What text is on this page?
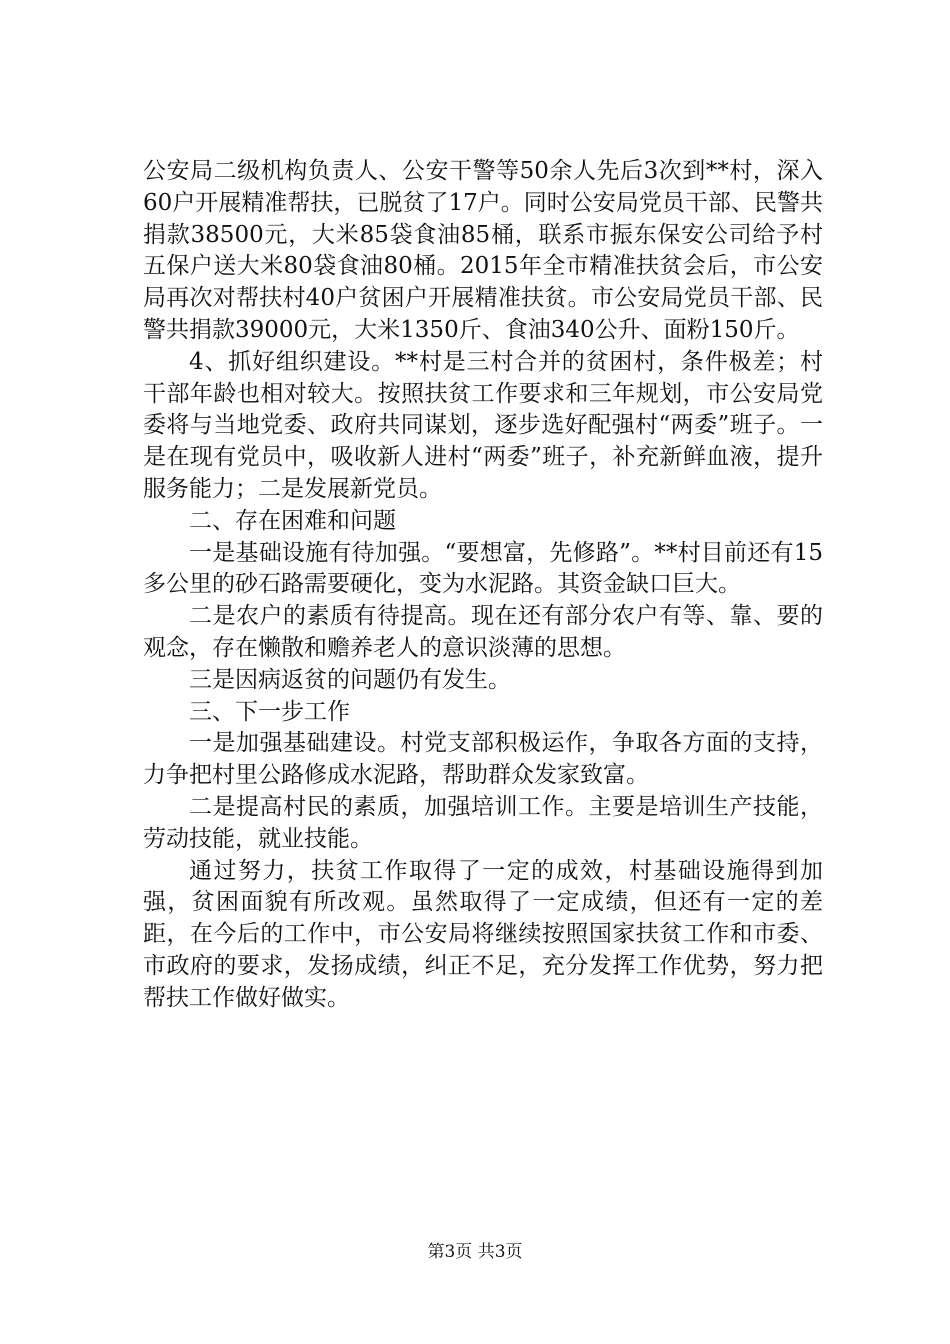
公安局二级机构负责人、公安干警等50余人先后3次到**村，深入60户开展精准帮扶，已脱贫了17户。同时公安局党员干部、民警共捐款38500元，大米85袋食油85桶，联系市振东保安公司给予村五保户送大米80袋食油80桶。2015年全市精准扶贫会后，市公安局再次对帮扶村40户贫困户开展精准扶贫。市公安局党员干部、民警共捐款39000元，大米1350斤、食油340公升、面粉150斤。

4、抓好组织建设。**村是三村合并的贫困村，条件极差；村干部年龄也相对较大。按照扶贫工作要求和三年规划，市公安局党委将与当地党委、政府共同谋划，逐步选好配强村“两委”班子。一是在现有党员中，吸收新人进村“两委”班子，补充新鲜血液，提升服务能力；二是发展新党员。

二、存在困难和问题

一是基础设施有待加强。“要想富，先修路”。**村目前还有15多公里的砂石路需要硬化，变为水泥路。其资金缺口巨大。

二是农户的素质有待提高。现在还有部分农户有等、靠、要的观念，存在懒散和赡养老人的意识淡薄的思想。

三是因病返贫的问题仍有发生。

三、下一步工作

一是加强基础建设。村党支部积极运作，争取各方面的支持，力争把村里公路修成水泥路，帮助群众发家致富。

二是提高村民的素质，加强培训工作。主要是培训生产技能，劳动技能，就业技能。

通过努力，扶贫工作取得了一定的成效，村基础设施得到加强，贫困面貌有所改观。虽然取得了一定成绩，但还有一定的差距，在今后的工作中，市公安局将继续按照国家扶贫工作和市委、市政府的要求，发扬成绩，纠正不足，充分发挥工作优势，努力把帮扶工作做好做实。

第3页 共3页
